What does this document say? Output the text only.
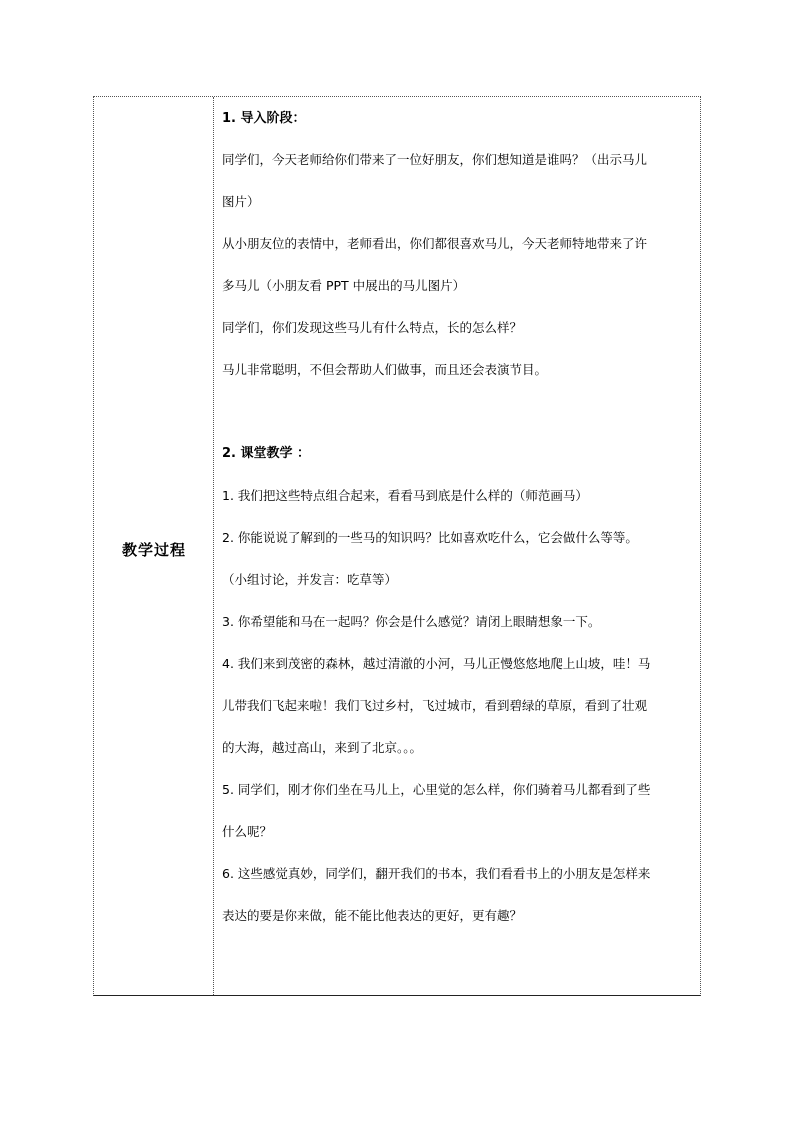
教学过程
1. 导入阶段：
同学们，今天老师给你们带来了一位好朋友，你们想知道是谁吗？（出示马儿
图片）
从小朋友位的表情中，老师看出，你们都很喜欢马儿，今天老师特地带来了许
多马儿（小朋友看 PPT 中展出的马儿图片）
同学们，你们发现这些马儿有什么特点，长的怎么样？
马儿非常聪明，不但会帮助人们做事，而且还会表演节目。
2. 课堂教学 ：
1. 我们把这些特点组合起来，看看马到底是什么样的（师范画马）
2. 你能说说了解到的一些马的知识吗？比如喜欢吃什么，它会做什么等等。
（小组讨论，并发言：吃草等）
3. 你希望能和马在一起吗？你会是什么感觉？请闭上眼睛想象一下。
4. 我们来到茂密的森林，越过清澈的小河，马儿正慢悠悠地爬上山坡，哇！马
儿带我们飞起来啦！我们飞过乡村，飞过城市，看到碧绿的草原，看到了壮观
的大海，越过高山，来到了北京。。。
5. 同学们，刚才你们坐在马儿上，心里觉的怎么样，你们骑着马儿都看到了些
什么呢？
6. 这些感觉真妙，同学们，翻开我们的书本，我们看看书上的小朋友是怎样来
表达的要是你来做，能不能比他表达的更好，更有趣？
